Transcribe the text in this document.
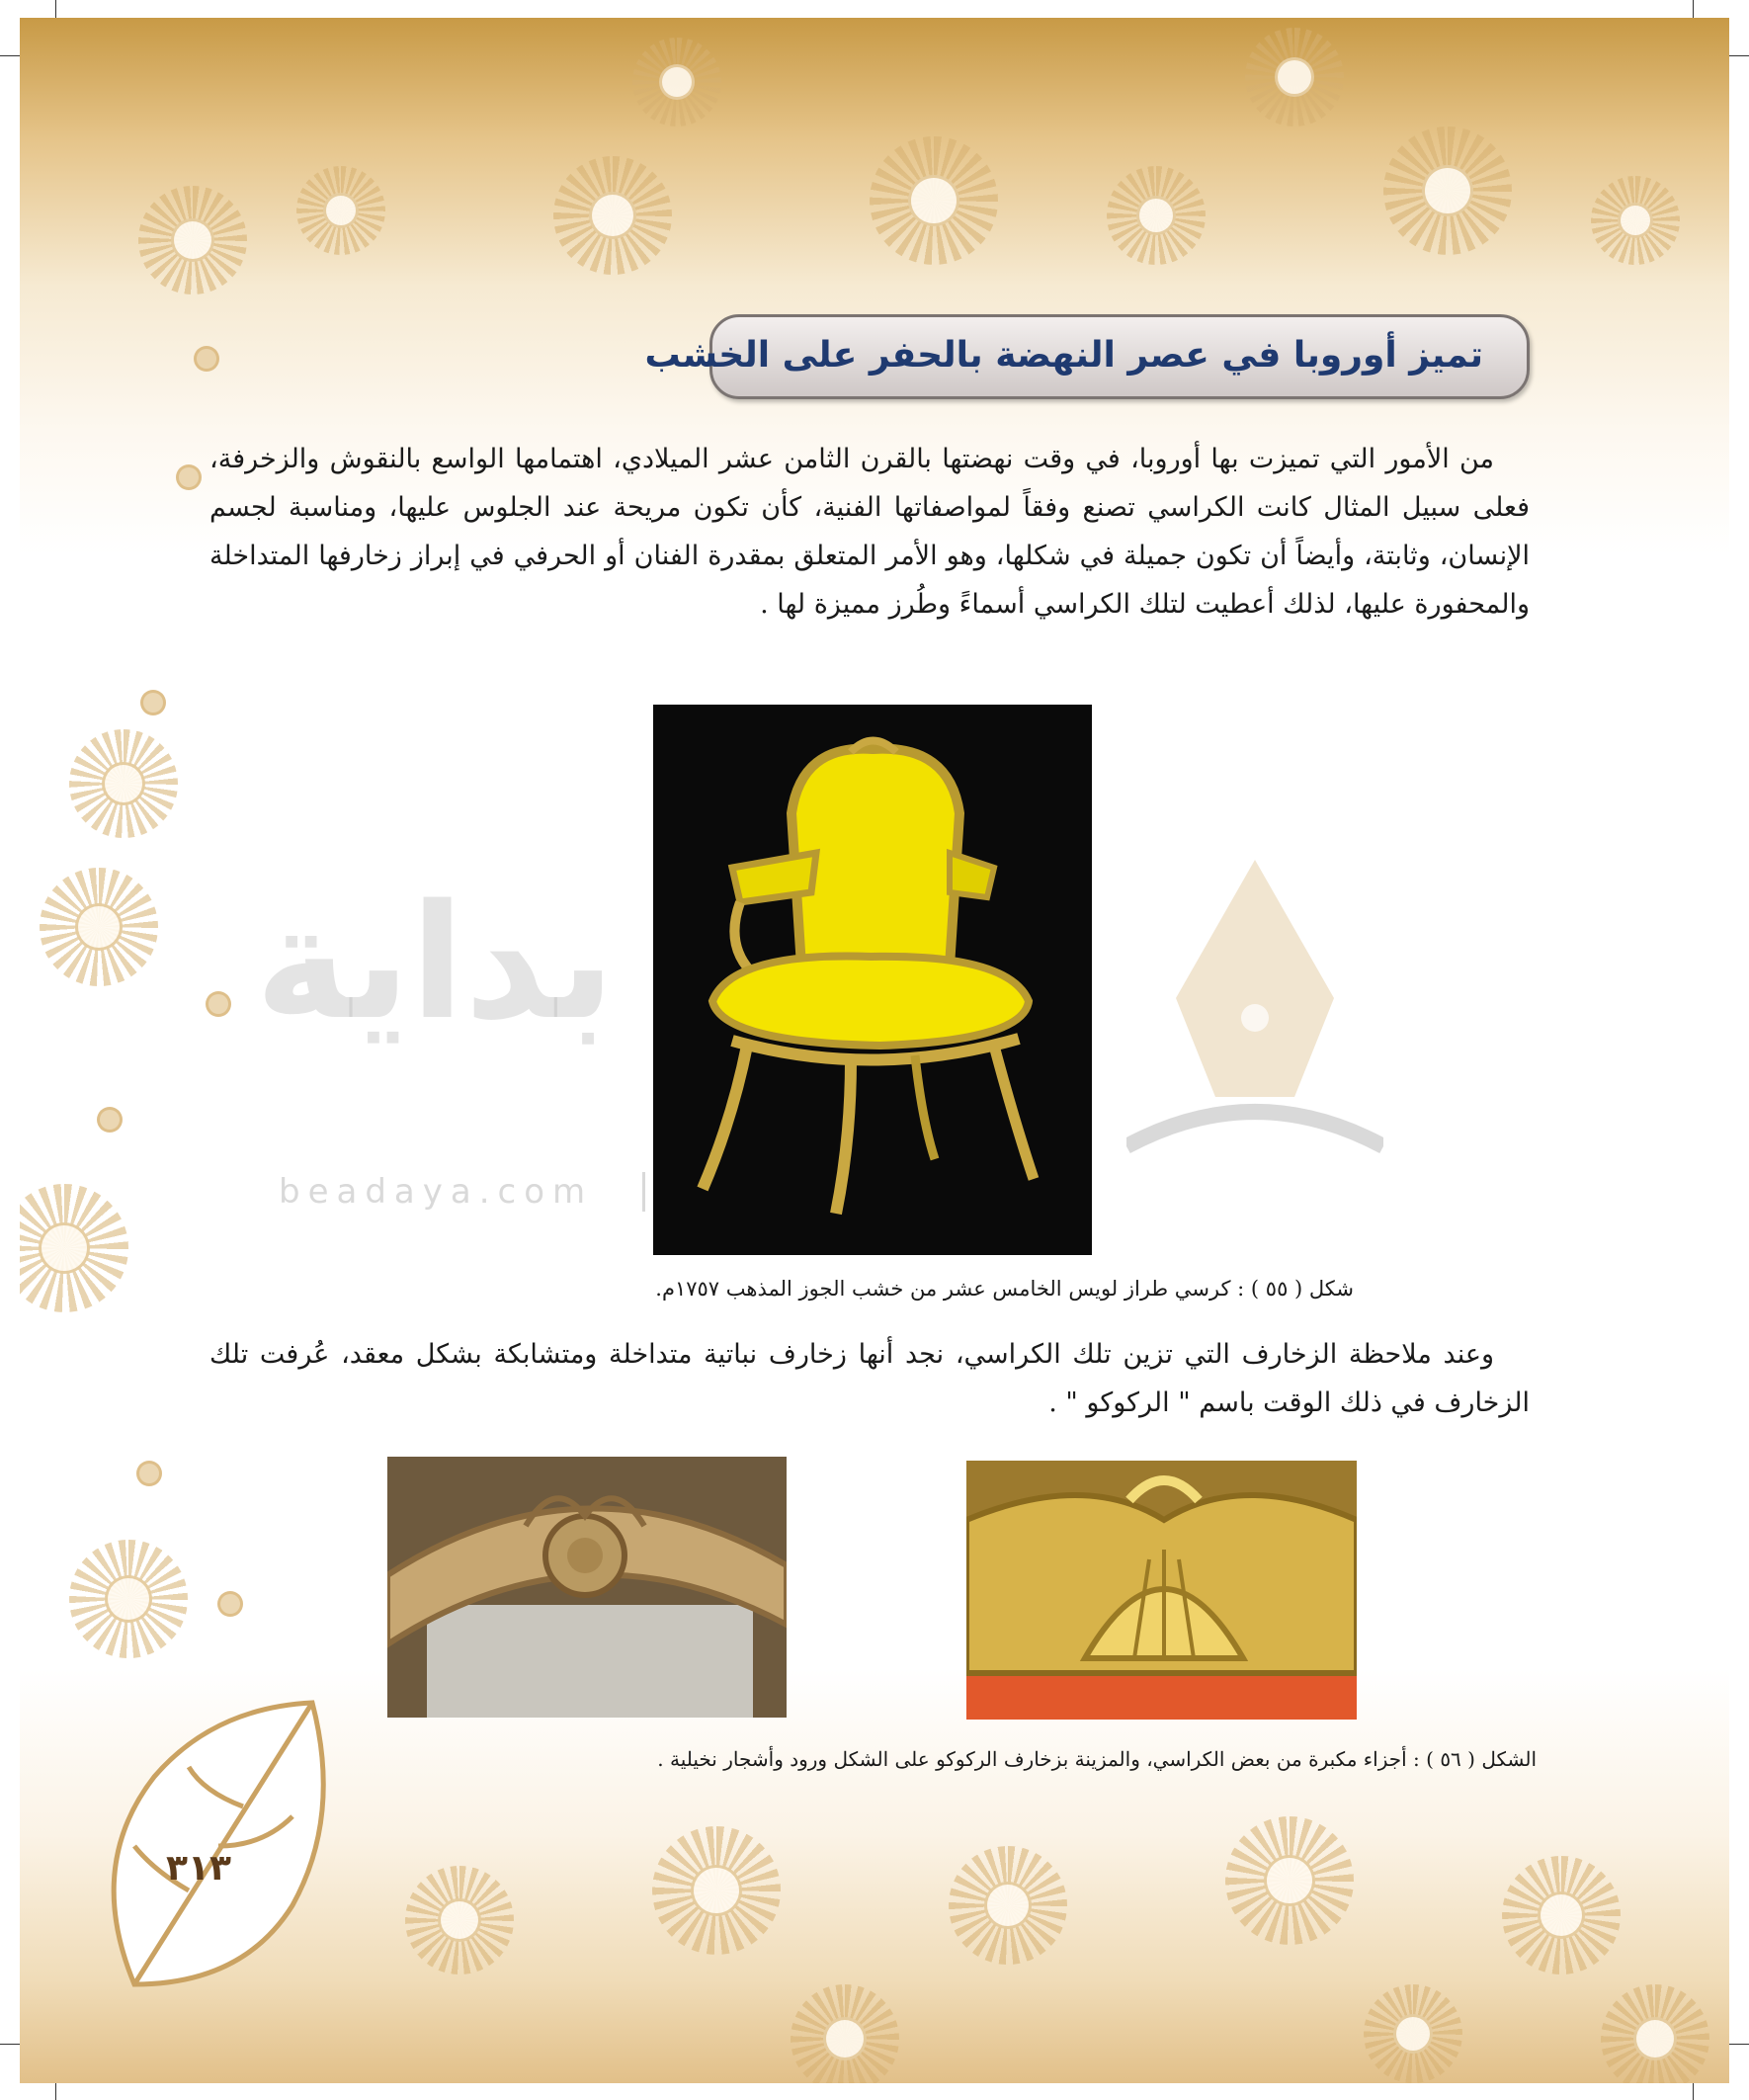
تميز أوروبا في عصر النهضة بالحفر على الخشب

من الأمور التي تميزت بها أوروبا، في وقت نهضتها بالقرن الثامن عشر الميلادي، اهتمامها الواسع بالنقوش والزخرفة، فعلى سبيل المثال كانت الكراسي تصنع وفقاً لمواصفاتها الفنية، كأن تكون مريحة عند الجلوس عليها، ومناسبة لجسم الإنسان، وثابتة، وأيضاً أن تكون جميلة في شكلها، وهو الأمر المتعلق بمقدرة الفنان أو الحرفي في إبراز زخارفها المتداخلة والمحفورة عليها، لذلك أعطيت لتلك الكراسي أسماءً وطُرز مميزة لها .

بداية
beadaya.com
شكل ( ٥٥ ) : كرسي طراز لويس الخامس عشر من خشب الجوز المذهب ١٧٥٧م.

وعند ملاحظة الزخارف التي تزين تلك الكراسي، نجد أنها زخارف نباتية متداخلة ومتشابكة بشكل معقد، عُرفت تلك الزخارف في ذلك الوقت باسم " الركوكو " .

الشكل ( ٥٦ ) : أجزاء مكبرة من بعض الكراسي، والمزينة بزخارف الركوكو على الشكل ورود وأشجار نخيلية .
٣١٣
